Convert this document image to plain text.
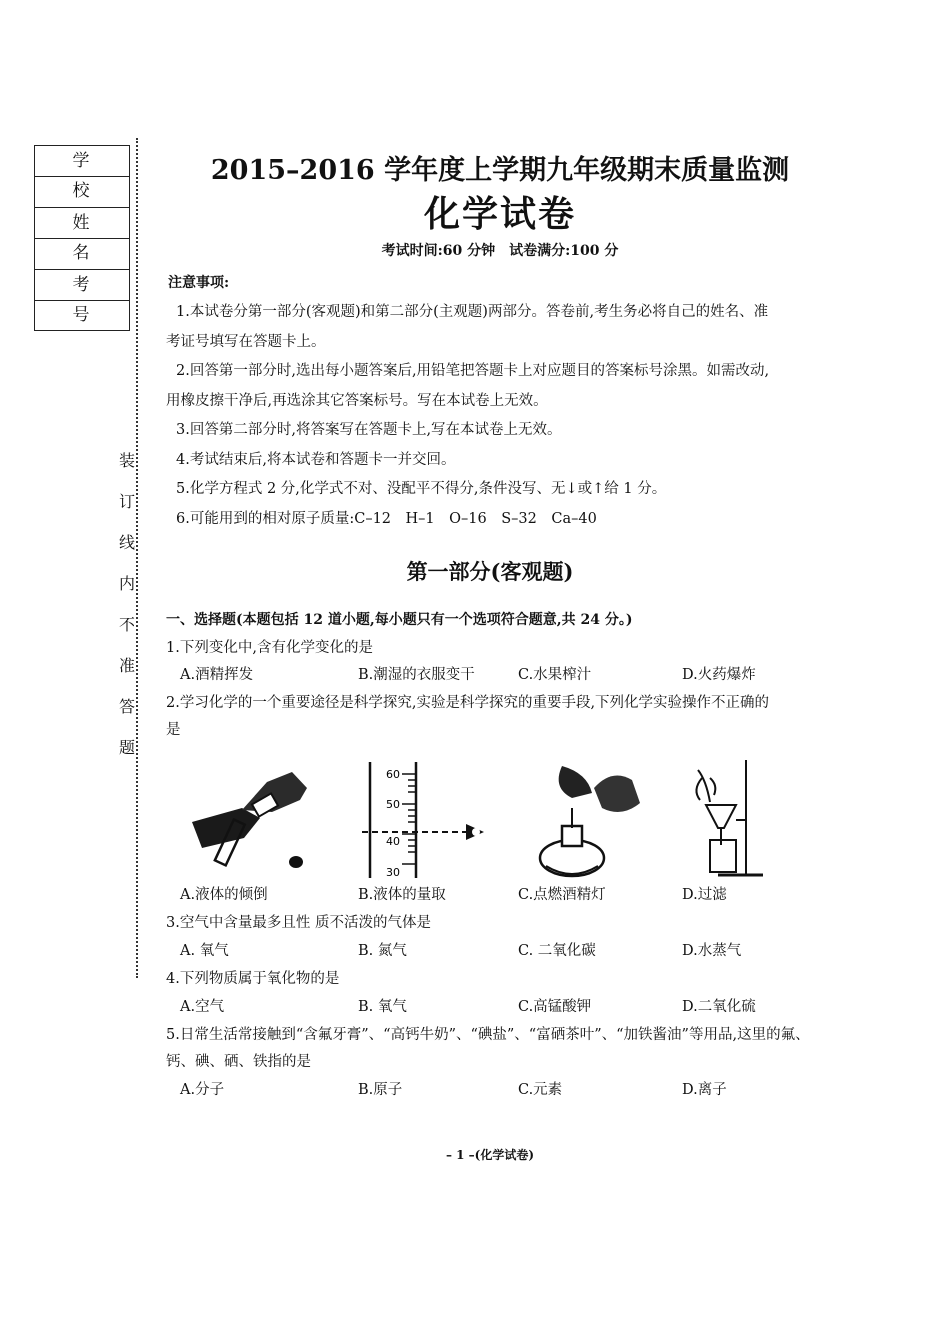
学 校
姓 名
考 号
装
订
线
内
不
准
答
题
2015–2016 学年度上学期九年级期末质量监测
化学试卷
考试时间:60 分钟　试卷满分:100 分
注意事项:

1.本试卷分第一部分(客观题)和第二部分(主观题)两部分。答卷前,考生务必将自己的姓名、准

考证号填写在答题卡上。

2.回答第一部分时,选出每小题答案后,用铅笔把答题卡上对应题目的答案标号涂黑。如需改动,

用橡皮擦干净后,再选涂其它答案标号。写在本试卷上无效。

3.回答第二部分时,将答案写在答题卡上,写在本试卷上无效。

4.考试结束后,将本试卷和答题卡一并交回。

5.化学方程式 2 分,化学式不对、没配平不得分,条件没写、无↓或↑给 1 分。

6.可能用到的相对原子质量:C–12　H–1　O–16　S–32　Ca–40

第一部分(客观题)
一、选择题(本题包括 12 道小题,每小题只有一个选项符合题意,共 24 分。)
1.下列变化中,含有化学变化的是
A.酒精挥发	B.潮湿的衣服变干	C.水果榨汁	D.火药爆炸
2.学习化学的一个重要途径是科学探究,实验是科学探究的重要手段,下列化学实验操作不正确的
是
60
50
40
30
A.液体的倾倒	B.液体的量取	C.点燃酒精灯	D.过滤
3.空气中含量最多且性 质不活泼的气体是
A. 氧气	B. 氮气	C. 二氧化碳	D.水蒸气
4.下列物质属于氧化物的是
A.空气	B. 氧气	C.高锰酸钾	D.二氧化硫
5.日常生活常接触到“含氟牙膏”、“高钙牛奶”、“碘盐”、“富硒茶叶”、“加铁酱油”等用品,这里的氟、
钙、碘、硒、铁指的是
A.分子	B.原子	C.元素	D.离子
– 1 –(化学试卷)
